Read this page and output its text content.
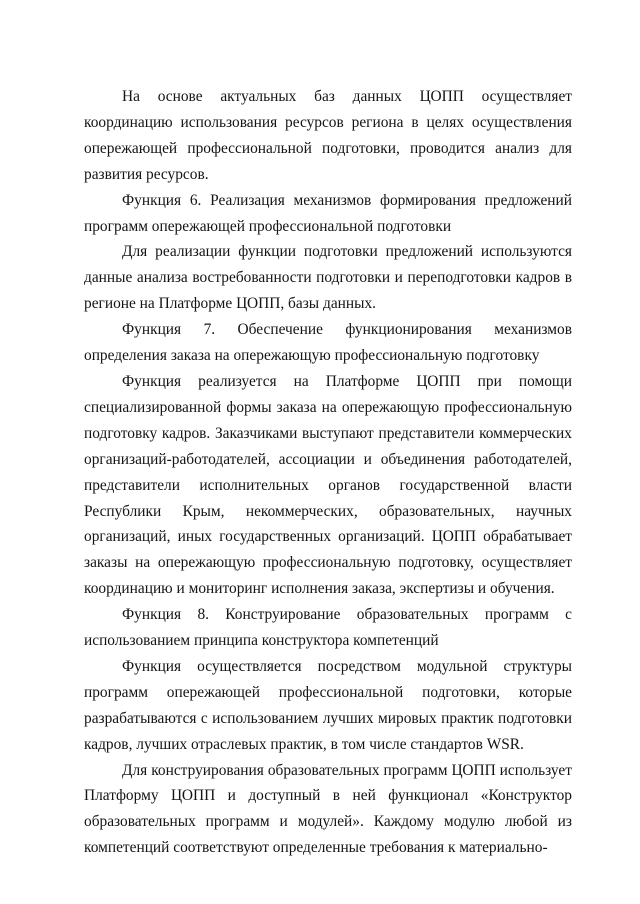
На основе актуальных баз данных ЦОПП осуществляет координацию использования ресурсов региона в целях осуществления опережающей профессиональной подготовки, проводится анализ для развития ресурсов.

Функция 6. Реализация механизмов формирования предложений программ опережающей профессиональной подготовки

Для реализации функции подготовки предложений используются данные анализа востребованности подготовки и переподготовки кадров в регионе на Платформе ЦОПП, базы данных.

Функция 7. Обеспечение функционирования механизмов определения заказа на опережающую профессиональную подготовку

Функция реализуется на Платформе ЦОПП при помощи специализированной формы заказа на опережающую профессиональную подготовку кадров. Заказчиками выступают представители коммерческих организаций-работодателей, ассоциации и объединения работодателей, представители исполнительных органов государственной власти Республики Крым, некоммерческих, образовательных, научных организаций, иных государственных организаций. ЦОПП обрабатывает заказы на опережающую профессиональную подготовку, осуществляет координацию и мониторинг исполнения заказа, экспертизы и обучения.

Функция 8. Конструирование образовательных программ с использованием принципа конструктора компетенций

Функция осуществляется посредством модульной структуры программ опережающей профессиональной подготовки, которые разрабатываются с использованием лучших мировых практик подготовки кадров, лучших отраслевых практик, в том числе стандартов WSR.

Для конструирования образовательных программ ЦОПП использует Платформу ЦОПП и доступный в ней функционал «Конструктор образовательных программ и модулей». Каждому модулю любой из компетенций соответствуют определенные требования к материально-
